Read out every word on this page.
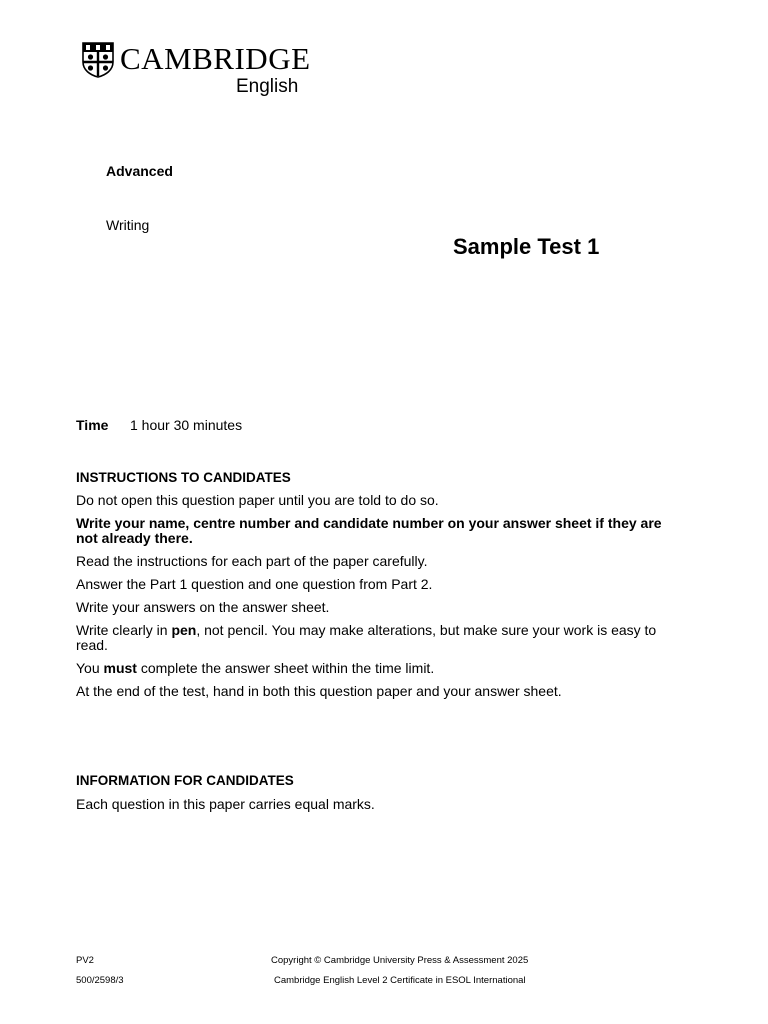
CAMBRIDGE
English
Advanced
Writing
Sample Test 1
Time 1 hour 30 minutes
INSTRUCTIONS TO CANDIDATES

Do not open this question paper until you are told to do so.

Write your name, centre number and candidate number on your answer sheet if they are not already there.

Read the instructions for each part of the paper carefully.

Answer the Part 1 question and one question from Part 2.

Write your answers on the answer sheet.

Write clearly in pen, not pencil. You may make alterations, but make sure your work is easy to read.

You must complete the answer sheet within the time limit.

At the end of the test, hand in both this question paper and your answer sheet.

INFORMATION FOR CANDIDATES
Each question in this paper carries equal marks.
PV2
500/2598/3
Copyright © Cambridge University Press & Assessment 2025
Cambridge English Level 2 Certificate in ESOL International
